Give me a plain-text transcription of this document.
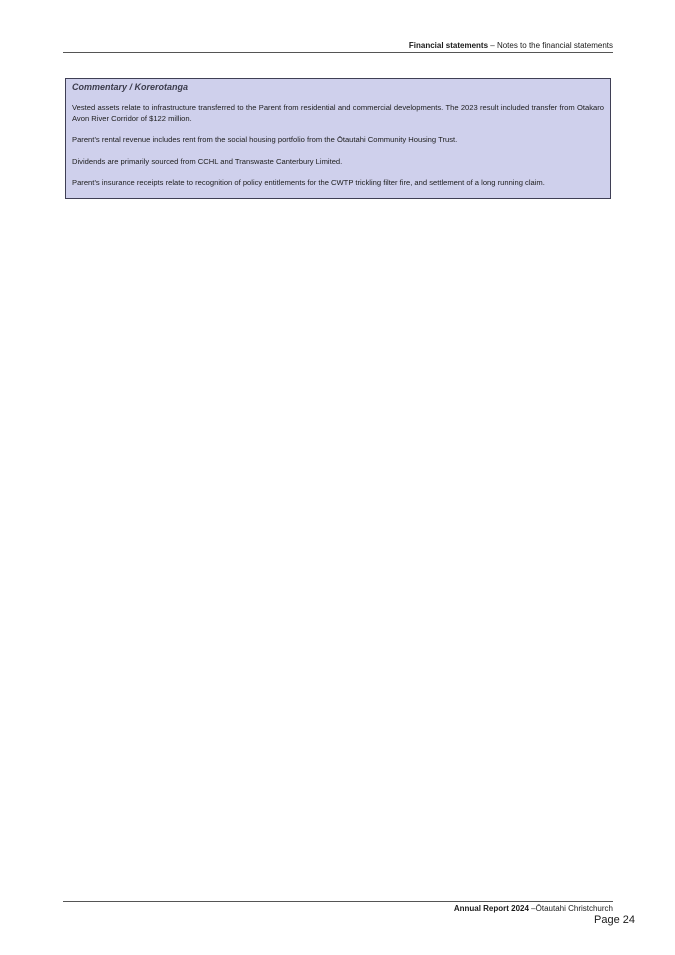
Financial statements – Notes to the financial statements
Commentary / Korerotanga

Vested assets relate to infrastructure transferred to the Parent from residential and commercial developments. The 2023 result included transfer from Otakaro Avon River Corridor of $122 million.

Parent’s rental revenue includes rent from the social housing portfolio from the Ōtautahi Community Housing Trust.

Dividends are primarily sourced from CCHL and Transwaste Canterbury Limited.

Parent’s insurance receipts relate to recognition of policy entitlements for the CWTP trickling filter fire, and settlement of a long running claim.

Annual Report 2024 –Ōtautahi Christchurch
Page 24
